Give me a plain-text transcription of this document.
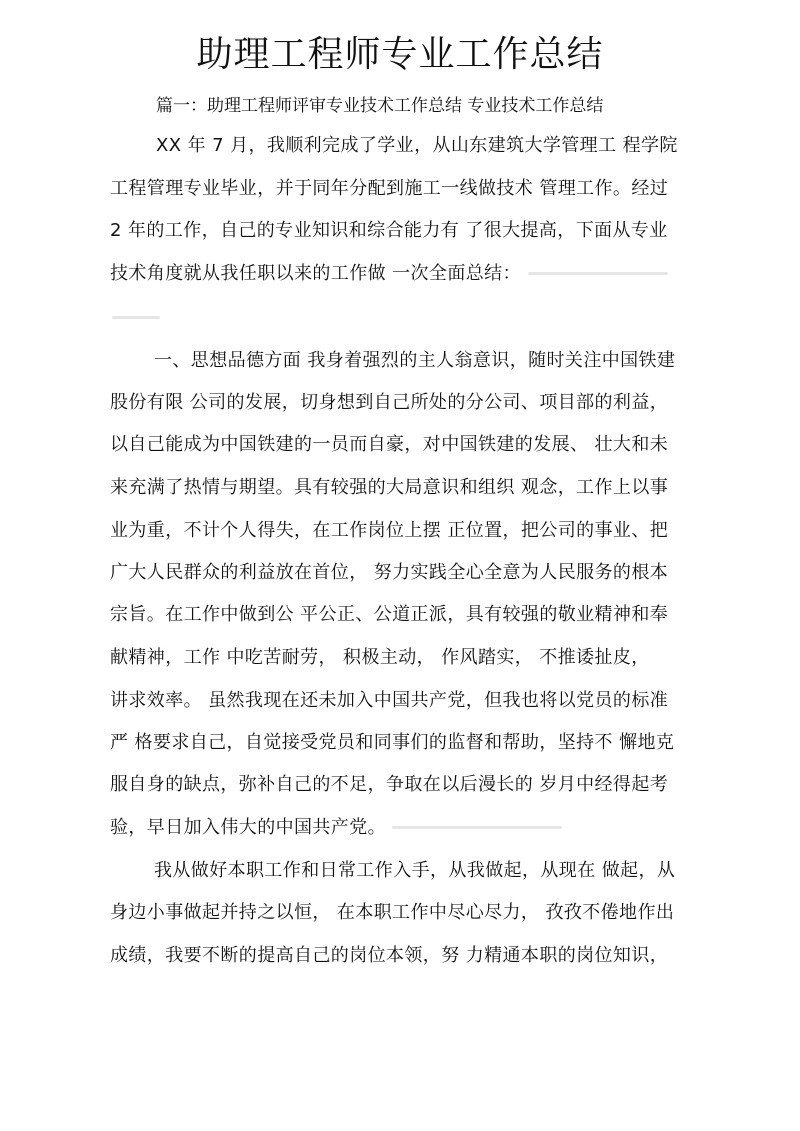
助理工程师专业工作总结
篇一：助理工程师评审专业技术工作总结 专业技术工作总结
XX 年 7 月，我顺利完成了学业，从山东建筑大学管理工 程学院
工程管理专业毕业，并于同年分配到施工一线做技术 管理工作。经过
2 年的工作，自己的专业知识和综合能力有 了很大提高，下面从专业
技术角度就从我任职以来的工作做 一次全面总结：
一、思想品德方面 我身着强烈的主人翁意识，随时关注中国铁建
股份有限 公司的发展，切身想到自己所处的分公司、项目部的利益，
以自己能成为中国铁建的一员而自豪，对中国铁建的发展、 壮大和未
来充满了热情与期望。具有较强的大局意识和组织 观念，工作上以事
业为重，不计个人得失，在工作岗位上摆 正位置，把公司的事业、把
广大人民群众的利益放在首位， 努力实践全心全意为人民服务的根本
宗旨。在工作中做到公 平公正、公道正派，具有较强的敬业精神和奉
献精神，工作 中吃苦耐劳， 积极主动， 作风踏实， 不推诿扯皮，
讲求效率。 虽然我现在还未加入中国共产党，但我也将以党员的标准
严 格要求自己，自觉接受党员和同事们的监督和帮助，坚持不 懈地克
服自身的缺点，弥补自己的不足，争取在以后漫长的 岁月中经得起考
验，早日加入伟大的中国共产党。
我从做好本职工作和日常工作入手，从我做起，从现在 做起，从
身边小事做起并持之以恒， 在本职工作中尽心尽力， 孜孜不倦地作出
成绩，我要不断的提高自己的岗位本领，努 力精通本职的岗位知识，
